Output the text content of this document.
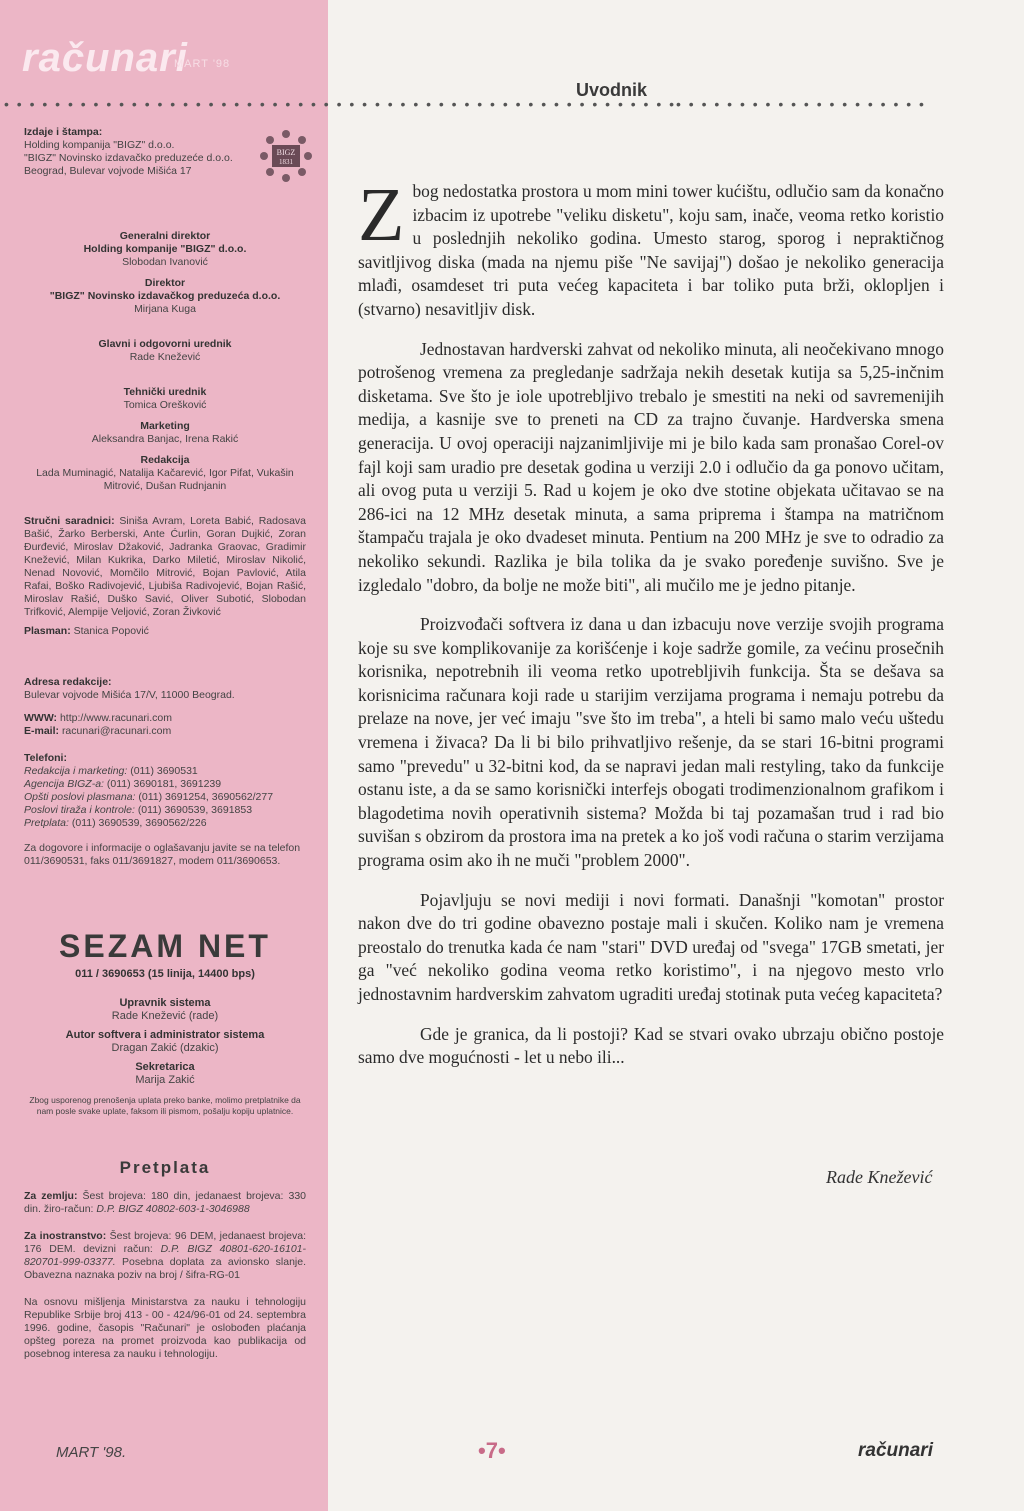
računari
MART '98
• • • • • • • • • • • • • • • • • • • • • • • • • • • • • • • • • • • • • • • • • • • • • • • • • • • • •
Uvodnik
• • • • • • • • • • • • • • • • • • • •
Izdaje i štampa:
Holding kompanija "BIGZ" d.o.o.
"BIGZ" Novinsko izdavačko preduzeće d.o.o.
Beograd, Bulevar vojvode Mišića 17
BIGZ
1831
Generalni direktor
Holding kompanije "BIGZ" d.o.o.
Slobodan Ivanović

Direktor
"BIGZ" Novinsko izdavačkog preduzeća d.o.o.
Mirjana Kuga

Glavni i odgovorni urednik
Rade Knežević

Tehnički urednik
Tomica Orešković

Marketing
Aleksandra Banjac, Irena Rakić

Redakcija
Lada Muminagić, Natalija Kačarević, Igor Pifat, Vukašin Mitrović, Dušan Rudnjanin
Stručni saradnici: Siniša Avram, Loreta Babić, Radosava Bašić, Žarko Berberski, Ante Ćurlin, Goran Dujkić, Zoran Đurđević, Miroslav Džaković, Jadranka Graovac, Gradimir Knežević, Milan Kukrika, Darko Miletić, Miroslav Nikolić, Nenad Novović, Momčilo Mitrović, Bojan Pavlović, Atila Rafai, Boško Radivojević, Ljubiša Radivojević, Bojan Rašić, Miroslav Rašić, Duško Savić, Oliver Subotić, Slobodan Trifković, Alempije Veljović, Zoran Živković
Plasman: Stanica Popović
Adresa redakcije:
Bulevar vojvode Mišića 17/V, 11000 Beograd.
WWW: http://www.racunari.com
E-mail: racunari@racunari.com
Telefoni:
Redakcija i marketing: (011) 3690531
Agencija BIGZ-a: (011) 3690181, 3691239
Opšti poslovi plasmana: (011) 3691254, 3690562/277
Poslovi tiraža i kontrole: (011) 3690539, 3691853
Pretplata: (011) 3690539, 3690562/226
Za dogovore i informacije o oglašavanju javite se na telefon 011/3690531, faks 011/3691827, modem 011/3690653.
SEZAM NET
011 / 3690653 (15 linija, 14400 bps)
Upravnik sistema
Rade Knežević (rade)

Autor softvera i administrator sistema
Dragan Zakić (dzakic)

Sekretarica
Marija Zakić

Zbog usporenog prenošenja uplata preko banke, molimo pretplatnike da nam posle svake uplate, faksom ili pismom, pošalju kopiju uplatnice.
Pretplata
Za zemlju: Šest brojeva: 180 din, jedanaest brojeva: 330 din. žiro-račun: D.P. BIGZ 40802-603-1-3046988
Za inostranstvo: Šest brojeva: 96 DEM, jedanaest brojeva: 176 DEM. devizni račun: D.P. BIGZ 40801-620-16101-820701-999-03377. Posebna doplata za avionsko slanje. Obavezna naznaka poziv na broj / šifra-RG-01
Na osnovu mišljenja Ministarstva za nauku i tehnologiju Republike Srbije broj 413 - 00 - 424/96-01 od 24. septembra 1996. godine, časopis "Računari" je oslobođen plaćanja opšteg poreza na promet proizvoda kao publikacija od posebnog interesa za nauku i tehnologiju.

Zbog nedostatka prostora u mom mini tower kućištu, odlučio sam da konačno izbacim iz upotrebe "veliku disketu", koju sam, inače, veoma retko koristio u poslednjih nekoliko godina. Umesto starog, sporog i nepraktičnog savitljivog diska (mada na njemu piše "Ne savijaj") došao je nekoliko generacija mlađi, osamdeset tri puta većeg kapaciteta i bar toliko puta brži, okloplјen i (stvarno) nesavitljiv disk.

Jednostavan hardverski zahvat od nekoliko minuta, ali neočekivano mnogo potrošenog vremena za pregledanje sadržaja nekih desetak kutija sa 5,25-inčnim disketama. Sve što je iole upotrebljivo trebalo je smestiti na neki od savremenijih medija, a kasnije sve to preneti na CD za trajno čuvanje. Hardverska smena generacija. U ovoj operaciji najzanimljivije mi je bilo kada sam pronašao Corel-ov fajl koji sam uradio pre desetak godina u verziji 2.0 i odlučio da ga ponovo učitam, ali ovog puta u verziji 5. Rad u kojem je oko dve stotine objekata učitavao se na 286-ici na 12 MHz desetak minuta, a sama priprema i štampa na matričnom štampaču trajala je oko dvadeset minuta. Pentium na 200 MHz je sve to odradio za nekoliko sekundi. Razlika je bila tolika da je svako poređenje suvišno. Sve je izgledalo "dobro, da bolje ne može biti", ali mučilo me je jedno pitanje.

Proizvođači softvera iz dana u dan izbacuju nove verzije svojih programa koje su sve komplikovanije za korišćenje i koje sadrže gomile, za većinu prosečnih korisnika, nepotrebnih ili veoma retko upotrebljivih funkcija. Šta se dešava sa korisnicima računara koji rade u starijim verzijama programa i nemaju potrebu da prelaze na nove, jer već imaju "sve što im treba", a hteli bi samo malo veću uštedu vremena i živaca? Da li bi bilo prihvatljivo rešenje, da se stari 16-bitni programi samo "prevedu" u 32-bitni kod, da se napravi jedan mali restyling, tako da funkcije ostanu iste, a da se samo korisnički interfejs obogati trodimenzionalnom grafikom i blagodetima novih operativnih sistema? Možda bi taj pozamašan trud i rad bio suvišan s obzirom da prostora ima na pretek a ko još vodi računa o starim verzijama programa osim ako ih ne muči "problem 2000".

Pojavljuju se novi mediji i novi formati. Današnji "komotan" prostor nakon dve do tri godine obavezno postaje mali i skučen. Koliko nam je vremena preostalo do trenutka kada će nam "stari" DVD uređaj od "svega" 17GB smetati, jer ga "već nekoliko godina veoma retko koristimo", i na njegovo mesto vrlo jednostavnim hardverskim zahvatom ugraditi uređaj stotinak puta većeg kapaciteta?

Gde je granica, da li postoji? Kad se stvari ovako ubrzaju obično postoje samo dve mogućnosti - let u nebo ili...

Rade Knežević
MART '98.	•7•	računari
